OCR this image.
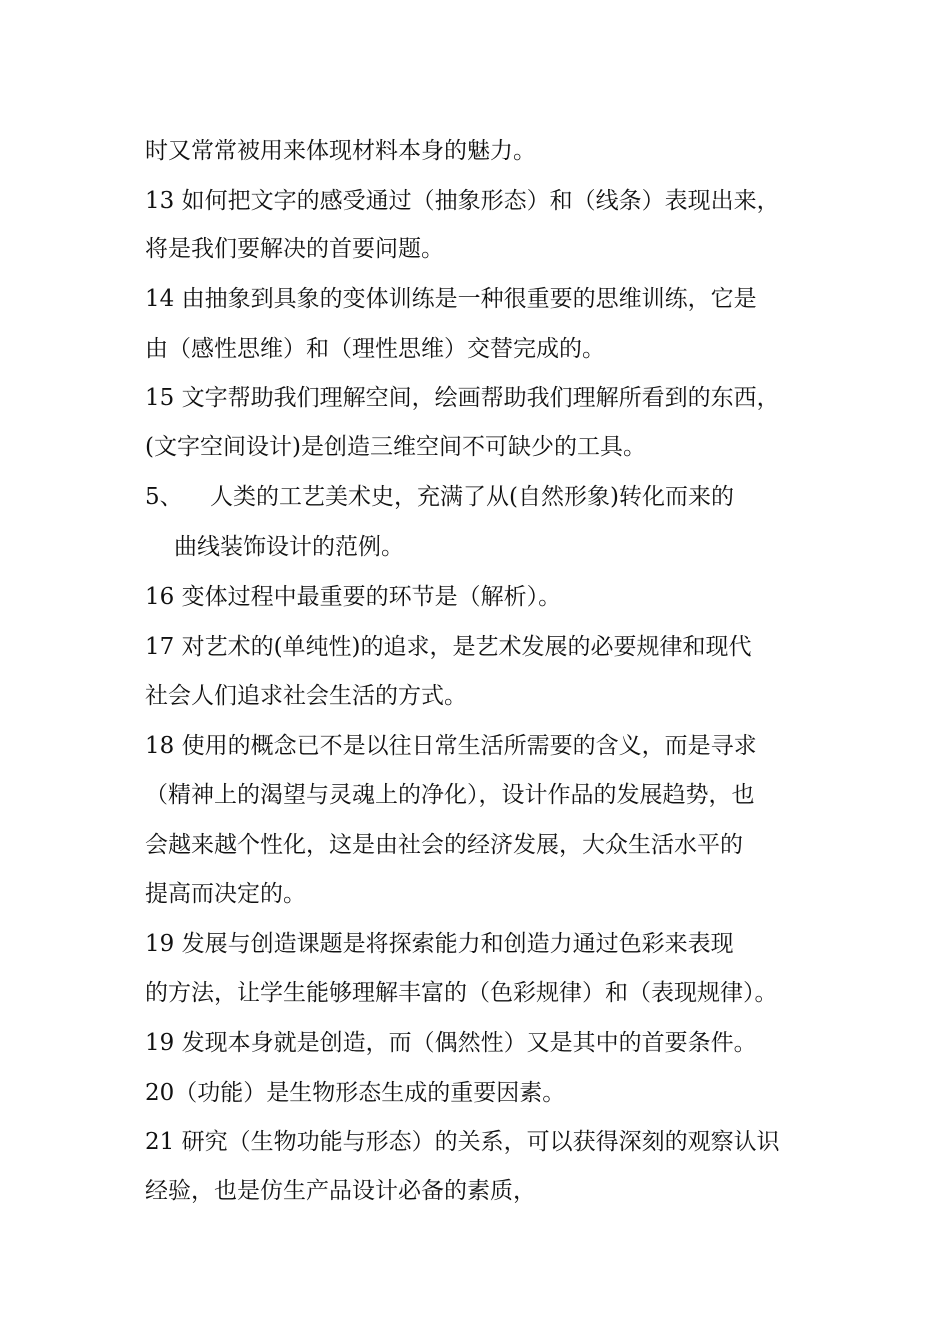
时又常常被用来体现材料本身的魅力。
13 如何把文字的感受通过（抽象形态）和（线条）表现出来，
将是我们要解决的首要问题。
14 由抽象到具象的变体训练是一种很重要的思维训练，它是
由（感性思维）和（理性思维）交替完成的。
15 文字帮助我们理解空间，绘画帮助我们理解所看到的东西，
(文字空间设计)是创造三维空间不可缺少的工具。
5、 人类的工艺美术史，充满了从(自然形象)转化而来的
曲线装饰设计的范例。
16 变体过程中最重要的环节是（解析）。
17 对艺术的(单纯性)的追求，是艺术发展的必要规律和现代
社会人们追求社会生活的方式。
18 使用的概念已不是以往日常生活所需要的含义，而是寻求
（精神上的渴望与灵魂上的净化），设计作品的发展趋势，也
会越来越个性化，这是由社会的经济发展，大众生活水平的
提高而决定的。
19 发展与创造课题是将探索能力和创造力通过色彩来表现
的方法，让学生能够理解丰富的（色彩规律）和（表现规律）。
19 发现本身就是创造，而（偶然性）又是其中的首要条件。
20（功能）是生物形态生成的重要因素。
21 研究（生物功能与形态）的关系，可以获得深刻的观察认识
经验，也是仿生产品设计必备的素质，
